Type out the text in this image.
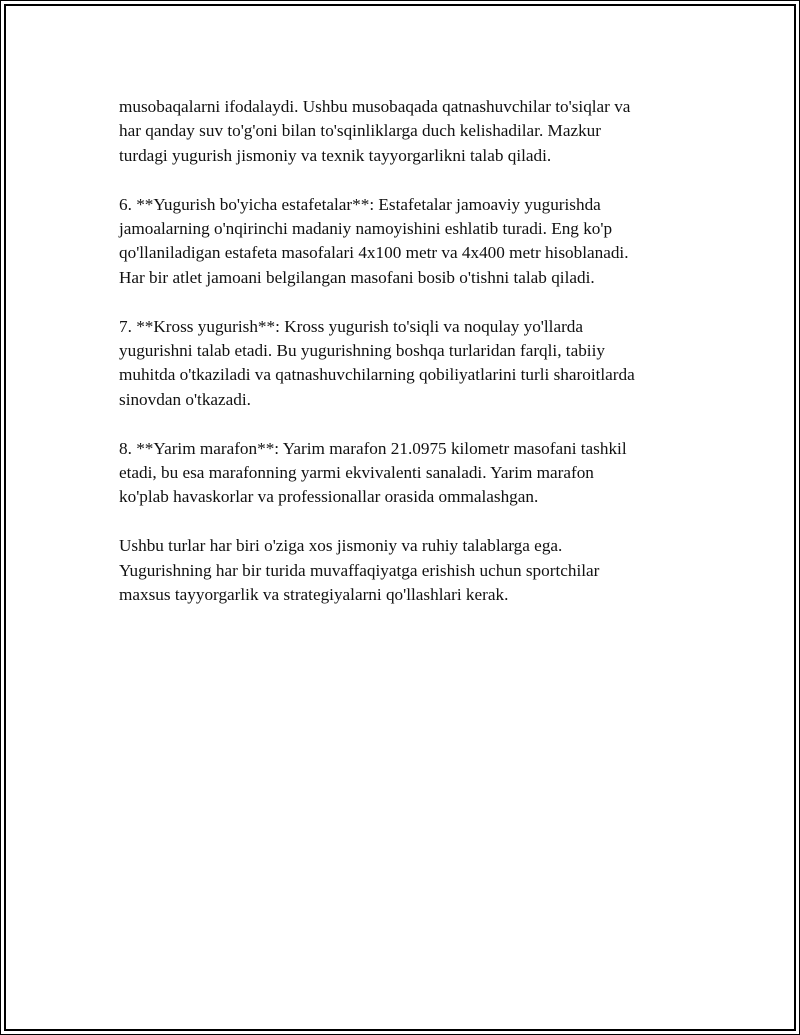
musobaqalarni ifodalaydi. Ushbu musobaqada qatnashuvchilar to'siqlar va
har qanday suv to'g'oni bilan to'sqinliklarga duch kelishadilar. Mazkur
turdagi yugurish jismoniy va texnik tayyorgarlikni talab qiladi.

6. **Yugurish bo'yicha estafetalar**: Estafetalar jamoaviy yugurishda
jamoalarning o'nqirinchi madaniy namoyishini eshlatib turadi. Eng ko'p
qo'llaniladigan estafeta masofalari 4x100 metr va 4x400 metr hisoblanadi.
Har bir atlet jamoani belgilangan masofani bosib o'tishni talab qiladi.

7. **Kross yugurish**: Kross yugurish to'siqli va noqulay yo'llarda
yugurishni talab etadi. Bu yugurishning boshqa turlaridan farqli, tabiiy
muhitda o'tkaziladi va qatnashuvchilarning qobiliyatlarini turli sharoitlarda
sinovdan o'tkazadi.

8. **Yarim marafon**: Yarim marafon 21.0975 kilometr masofani tashkil
etadi, bu esa marafonning yarmi ekvivalenti sanaladi. Yarim marafon
ko'plab havaskorlar va professionallar orasida ommalashgan.

Ushbu turlar har biri o'ziga xos jismoniy va ruhiy talablarga ega.
Yugurishning har bir turida muvaffaqiyatga erishish uchun sportchilar
maxsus tayyorgarlik va strategiyalarni qo'llashlari kerak.
